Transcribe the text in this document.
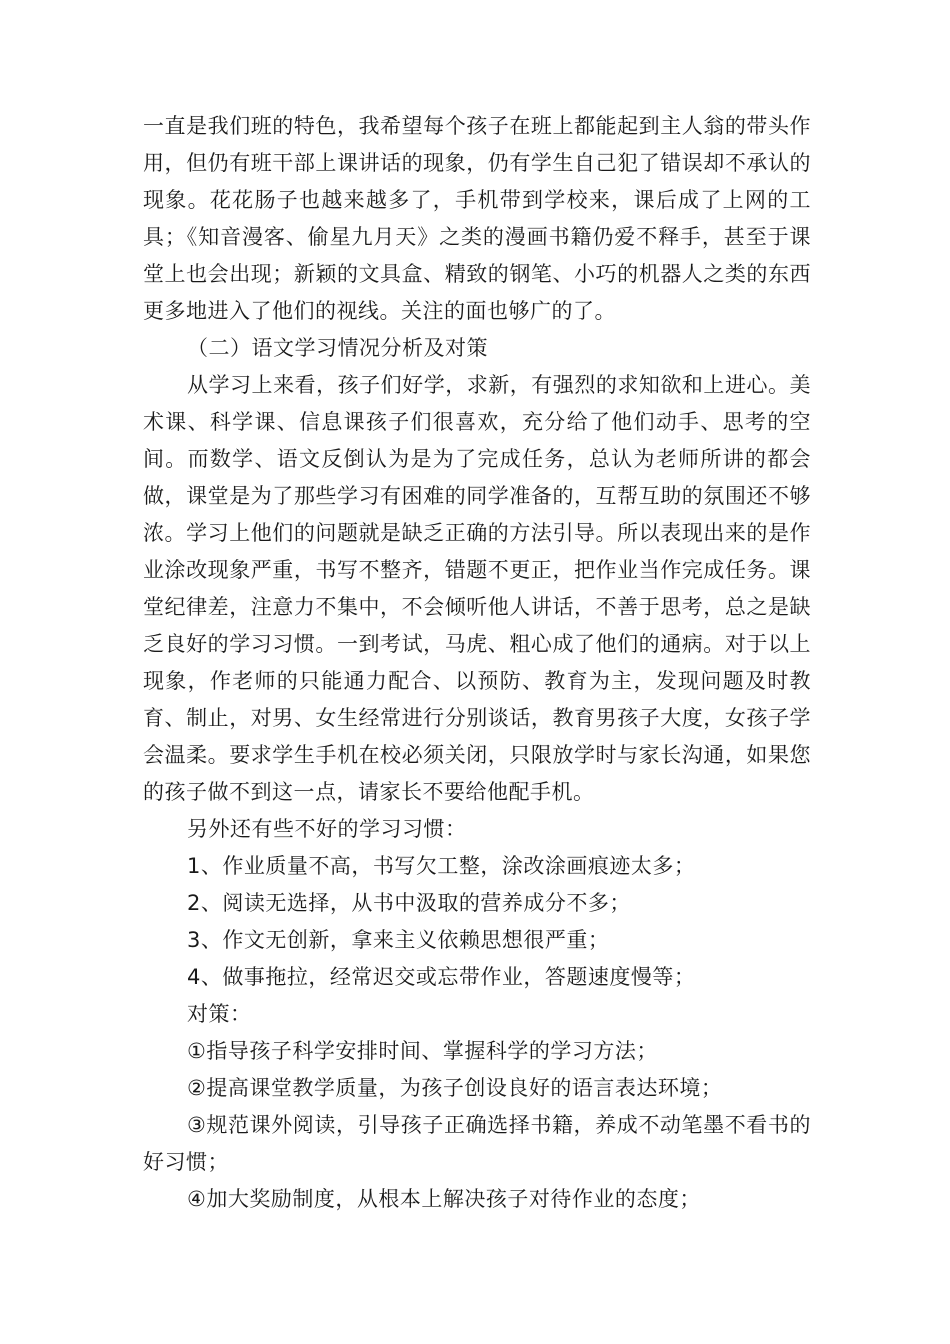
一直是我们班的特色，我希望每个孩子在班上都能起到主人翁的带头作用，但仍有班干部上课讲话的现象，仍有学生自己犯了错误却不承认的现象。花花肠子也越来越多了，手机带到学校来，课后成了上网的工具；《知音漫客、偷星九月天》之类的漫画书籍仍爱不释手，甚至于课堂上也会出现；新颖的文具盒、精致的钢笔、小巧的机器人之类的东西更多地进入了他们的视线。关注的面也够广的了。

（二）语文学习情况分析及对策

从学习上来看，孩子们好学，求新，有强烈的求知欲和上进心。美术课、科学课、信息课孩子们很喜欢，充分给了他们动手、思考的空间。而数学、语文反倒认为是为了完成任务，总认为老师所讲的都会做，课堂是为了那些学习有困难的同学准备的，互帮互助的氛围还不够浓。学习上他们的问题就是缺乏正确的方法引导。所以表现出来的是作业涂改现象严重，书写不整齐，错题不更正，把作业当作完成任务。课堂纪律差，注意力不集中，不会倾听他人讲话，不善于思考，总之是缺乏良好的学习习惯。一到考试，马虎、粗心成了他们的通病。对于以上现象，作老师的只能通力配合、以预防、教育为主，发现问题及时教育、制止，对男、女生经常进行分别谈话，教育男孩子大度，女孩子学会温柔。要求学生手机在校必须关闭，只限放学时与家长沟通，如果您的孩子做不到这一点，请家长不要给他配手机。

另外还有些不好的学习习惯：

1、作业质量不高，书写欠工整，涂改涂画痕迹太多；

2、阅读无选择，从书中汲取的营养成分不多；

3、作文无创新，拿来主义依赖思想很严重；

4、做事拖拉，经常迟交或忘带作业，答题速度慢等；

对策：

①指导孩子科学安排时间、掌握科学的学习方法；

②提高课堂教学质量，为孩子创设良好的语言表达环境；

③规范课外阅读，引导孩子正确选择书籍，养成不动笔墨不看书的好习惯；

④加大奖励制度，从根本上解决孩子对待作业的态度；
